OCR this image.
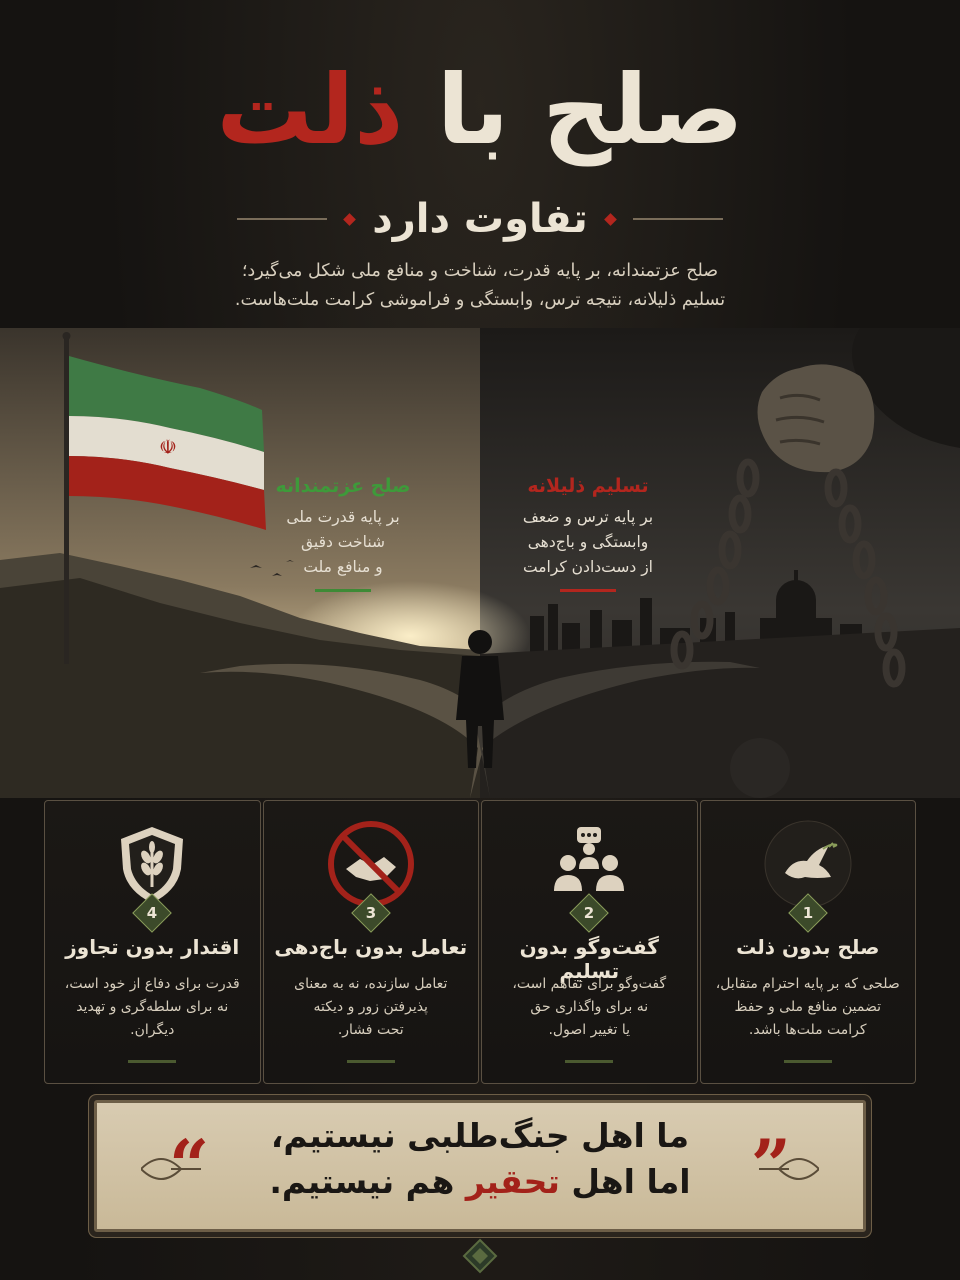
صلح با ذلت
تفاوت دارد
صلح عزتمندانه، بر پایه قدرت، شناخت و منافع ملی شکل می‌گیرد؛
تسلیم ذلیلانه، نتیجه ترس، وابستگی و فراموشی کرامت ملت‌هاست.
☫
صلح عزتمندانه

بر پایه قدرت ملی

شناخت دقیق

و منافع ملت

تسلیم ذلیلانه

بر پایه ترس و ضعف

وابستگی و باج‌دهی

از دست‌دادن کرامت

1
صلح بدون ذلت

صلحی که بر پایه احترام متقابل،
تضمین منافع ملی و حفظ
کرامت ملت‌ها باشد.

2
گفت‌وگو بدون تسلیم

گفت‌وگو برای تفاهم است،
نه برای واگذاری حق
یا تغییر اصول.

3
تعامل بدون باج‌دهی

تعامل سازنده، نه به معنای
پذیرفتن زور و دیکته
تحت فشار.

4
اقتدار بدون تجاوز

قدرت برای دفاع از خود است،
نه برای سلطه‌گری و تهدید
دیگران.

”
“	ما اهل جنگ‌طلبی نیستیم،
اما اهل تحقیر هم نیستیم.
